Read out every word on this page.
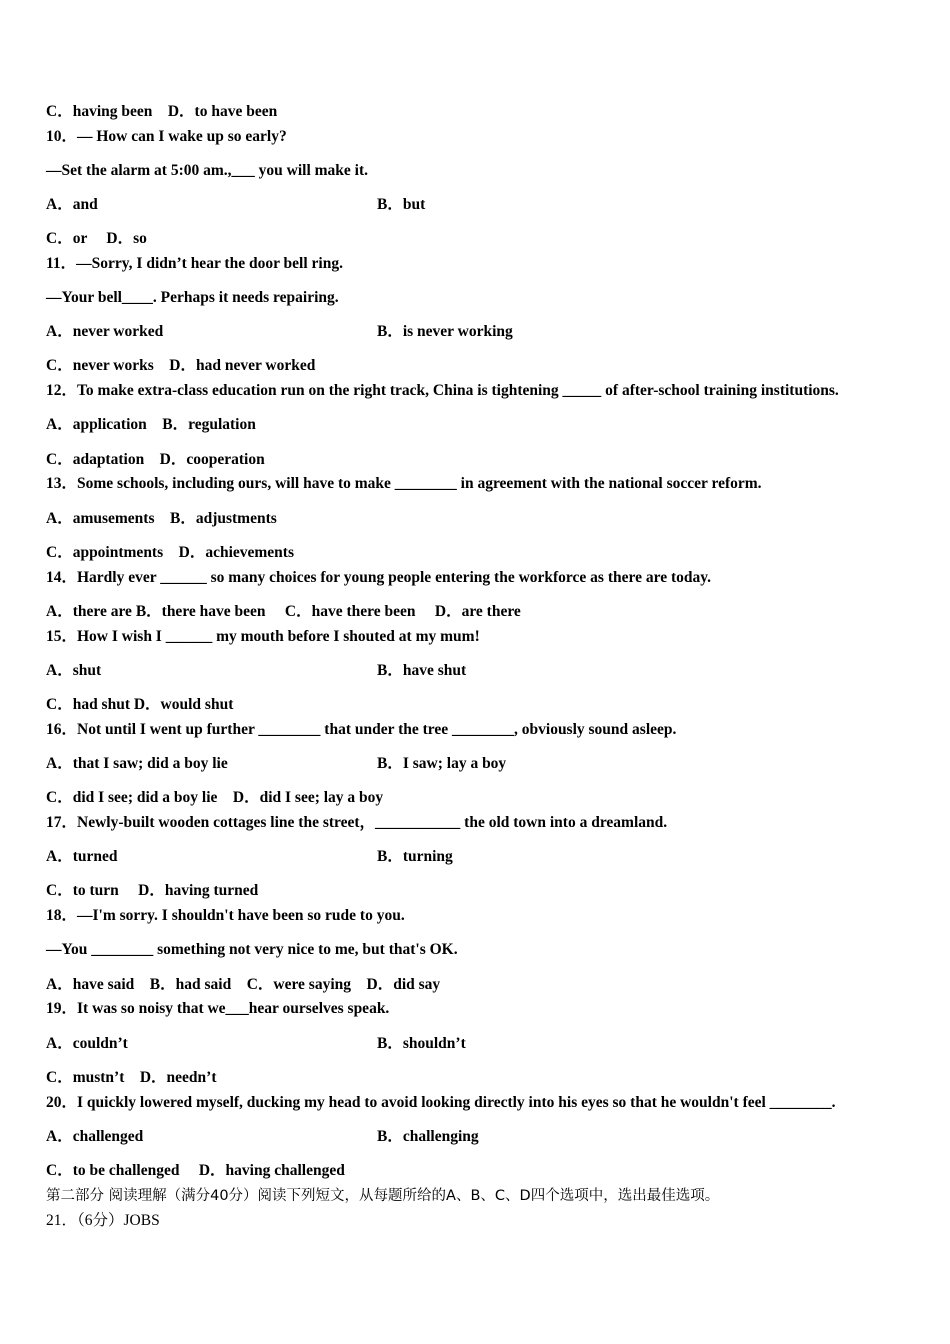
C．having been　D．to have been
10．— How can I wake up so early?
—Set the alarm at 5:00 am.,___ you will make it.
A．and	B．but
C．or　 D．so
11．—Sorry, I didn’t hear the door bell ring.
—Your bell____. Perhaps it needs repairing.
A．never worked	B．is never working
C．never works　D．had never worked
12．To make extra-class education run on the right track, China is tightening _____ of after-school training institutions.
A．application　B．regulation
C．adaptation　D．cooperation
13．Some schools, including ours, will have to make ________ in agreement with the national soccer reform.
A．amusements　B．adjustments
C．appointments　D．achievements
14．Hardly ever ______ so many choices for young people entering the workforce as there are today.
A．there are B．there have been　 C．have there been　 D．are there
15．How I wish I ______ my mouth before I shouted at my mum!
A．shut	B．have shut
C．had shut D．would shut
16．Not until I went up further ________ that under the tree ________, obviously sound asleep.
A．that I saw; did a boy lie	B．I saw; lay a boy
C．did I see; did a boy lie　D．did I see; lay a boy
17．Newly-built wooden cottages line the street，___________ the old town into a dreamland.
A．turned	B．turning
C．to turn　 D．having turned
18．—I'm sorry. I shouldn't have been so rude to you.
—You ________ something not very nice to me, but that's OK.
A．have said　B．had said　C．were saying　D．did say
19．It was so noisy that we___hear ourselves speak.
A．couldn’t	B．shouldn’t
C．mustn’t　D．needn’t
20．I quickly lowered myself, ducking my head to avoid looking directly into his eyes so that he wouldn't feel ________.
A．challenged	B．challenging
C．to be challenged　 D．having challenged
第二部分 阅读理解（满分40分）阅读下列短文，从每题所给的A、B、C、D四个选项中，选出最佳选项。
21．（6分）JOBS
